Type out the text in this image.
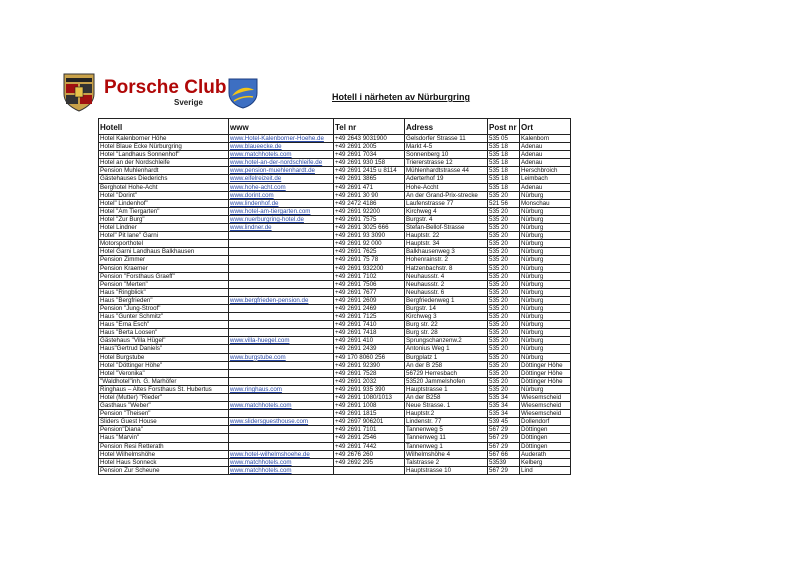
Porsche Club
Sverige
Hotell i närheten av Nürburgring
Hotell	www	Tel nr	Adress	Post nr	Ort
Hotel Kalenborner Höhe	www.Hotel-Kalenborner-Hoehe.de	+49 2643 9031900	Gelsdorfer Strasse 11	535 05	Kalenborn
Hotel Blaue Ecke Nürburgring	www.blaueecke.de	+49 2691 2005	Markt 4-5	535 18	Adenau
Hotel "Landhaus Sonnenhof"	www.matchhotels.com	+49 2691 7034	Sonnenberg 10	535 18	Adenau
Hotel an der Nordschleife	www.hotel-an-der-nordschleife.de	+49 2691 930 158	Triererstrasse 12	535 18	Adenau
Pension Muhlenhardt	www.pension-muehlenhardt.de	+49 2691 2415 u 8114	Mühlenhardtstrasse 44	535 18	Herschbroich
Gästehauses Diederichs	www.eifelreizeit.de	+49 2691 3865	Aderterhof 19	535 18	Leimbach
Berghotel Hohe-Acht	www.hohe-acht.com	+49 2691 471	Hohe-Accht	535 18	Adenau
Hotel "Dorint"	www.dorint.com	+49 2691 30 90	An der Grand-Prix-strecke	535 20	Nürburg
Hotel" Lindenhof"	www.lindenhof.de	+49 2472 4186	Laufenstrasse 77	521 56	Monschau
Hotel "Am Tiergarten"	www.hotel-am-tiergarten.com	+49 2691 92200	Kirchweg 4	535 20	Nürburg
Hotel "Zur Burg"	www.nuerburgring-hotel.de	+49 2691 7575	Burgstr. 4	535 20	Nürburg
Hotel Lindner	www.lindner.de	+49 2691 3025 666	Stefan-Bellof-Strasse	535 20	Nürburg
Hotel" Pit lane" Garni		+49 2691 93 3090	Hauptstr. 22	535 20	Nürburg
Motorsporthotel		+49 2691 92 000	Hauptstr. 34	535 20	Nürburg
Hotel Garni Landhaus Balkhausen		+49 2691 7625	Balkhausenweg 3	535 20	Nürburg
Pension Zimmer		+49 2691 75 78	Hohenrainstr. 2	535 20	Nürburg
Pension Kraemer		+49 2691 932200	Hatzenbachstr. 8	535 20	Nürburg
Pension "Forsthaus Graeff"		+49 2691 7102	Neuhausstr. 4	535 20	Nürburg
Pension "Merten"		+49 2691 7506	Neuhausstr. 2	535 20	Nürburg
Haus "Ringblick"		+49 2691 7677	Neuhausstr. 6	535 20	Nürburg
Haus "Bergfrieden"	www.bergfrieden-pension.de	+49 2691 2609	Bergfriedenweg 1	535 20	Nürburg
Pension "Jung-Stroof"		+49 2691 2469	Burgstr. 14	535 20	Nürburg
Haus "Gunter Schmitz"		+49 2691 7125	Kirchweg 3	535 20	Nürburg
Haus "Erna Esch"		+49 2691 7410	Burg str. 22	535 20	Nürburg
Haus "Berta Loosen"		+49 2691 7418	Burg str. 28	535 20	Nürburg
Gästehaus "Villa Hügel"	www.villa-huegel.com	+49 2691 410	Sprungschanzenw.2	535 20	Nürburg
Haus"Gertrud Daniels"		+49 2691 2439	Antonius Weg 1	535 20	Nürburg
Hotel Burgstube	www.burgstube.com	+49 170 8060 256	Burgplatz 1	535 20	Nürburg
Hotel "Döttinger Höhe"		+49 2691 92390	An der B 258	535 20	Döttinger Höhe
Hotel "Veronika"		+49 2691 7528	56729 Herresbach	535 20	Döttinger Höhe
"Waldhotel"inh. G. Marhöfer		+49 2691 2032	53520 Jammelshofen	535 20	Döttinger Höhe
Ringhaus – Altes Forsthaus St. Hubertus	www.ringhaus.com	+49 2691 935 390	Hauptstrasse 1	535 20	Nürburg
Hotel (Mutter) "Rieder"		+49 2691 1080/1013	An der B258	535 34	Wiesemscheid
Gasthaus "Weber"	www.matchhotels.com	+49 2691 1008	Neue Strasse. 1	535 34	Wiesemscheid
Pension "Theisen"		+49 2691 1815	Hauptstr.2	535 34	Wiesemscheid
Sliders Guest House	www.slidersguesthouse.com	+49 2697 906201	Lindenstr. 77	539 45	Dollendorf
Pension"Diana"		+49 2691 7101	Tannenweg 5	567 29	Döttingen
Haus "Marvin"		+49 2691 2546	Tannenweg 11	567 29	Döttingen
Pension Resi Retterath		+49 2691 7442	Tannenweg 1	567 29	Döttingen
Hotel Wilhelmshöhe	www.hotel-wilhelmshoehe.de	+49 2676 260	Wilhelmshöhe 4	567 66	Auderath
Hotel Haus Sonneck	www.matchhotels.com	+49 2692 295	Talstrasse 2	53539	Kelberg
Pension Zur Scheune	www.matchhotels.com		Hauptstrasse 10	567 29	Lind
